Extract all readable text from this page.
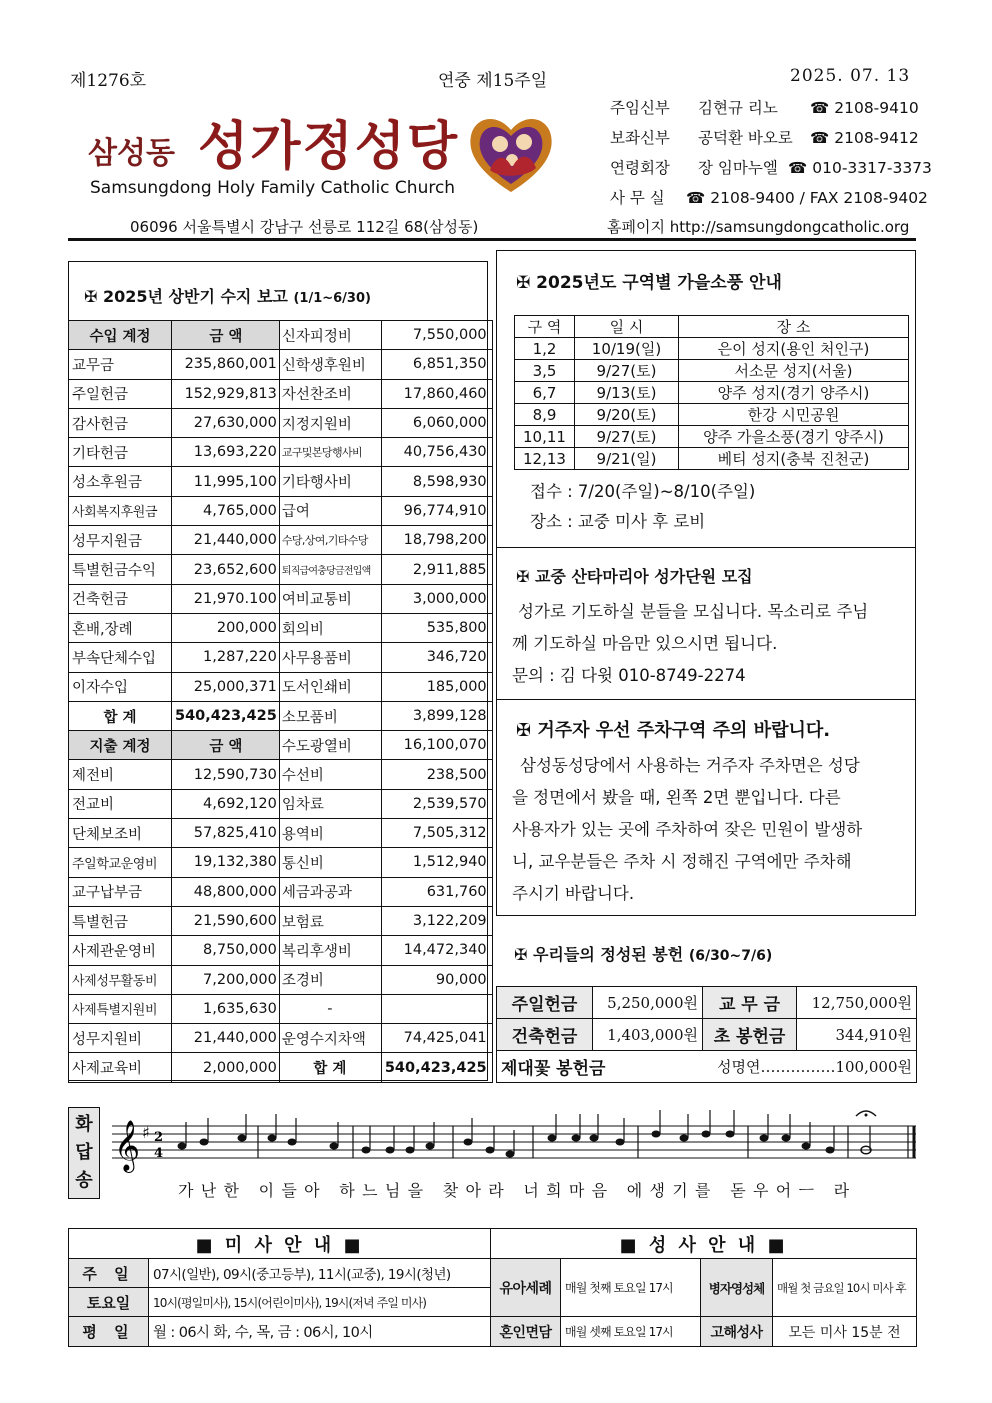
제1276호	연중 제15주일	2025. 07. 13
삼성동 성가정성당
Samsungdong Holy Family Catholic Church
주임신부 김현규 리노 ☎ 2108-9410
보좌신부 공덕환 바오로 ☎ 2108-9412
연령회장 장 임마누엘 ☎ 010-3317-3373
사 무 실 ☎ 2108-9400 / FAX 2108-9402
06096 서울특별시 강남구 선릉로 112길 68(삼성동)	홈페이지 http://samsungdongcatholic.org
✠ 2025년 상반기 수지 보고 (1/1~6/30)
수입 계정	금 액	신자피정비	7,550,000
교무금	235,860,001	신학생후원비	6,851,350
주일헌금	152,929,813	자선찬조비	17,860,460
감사헌금	27,630,000	지정지원비	6,060,000
기타헌금	13,693,220	교구및본당행사비	40,756,430
성소후원금	11,995,100	기타행사비	8,598,930
사회복지후원금	4,765,000	급여	96,774,910
성무지원금	21,440,000	수당,상여,기타수당	18,798,200
특별헌금수익	23,652,600	퇴직급여충당금전입액	2,911,885
건축헌금	21,970.100	여비교통비	3,000,000
혼배,장례	200,000	회의비	535,800
부속단체수입	1,287,220	사무용품비	346,720
이자수입	25,000,371	도서인쇄비	185,000
합 계	540,423,425	소모품비	3,899,128
지출 계정	금 액	수도광열비	16,100,070
제전비	12,590,730	수선비	238,500
전교비	4,692,120	임차료	2,539,570
단체보조비	57,825,410	용역비	7,505,312
주일학교운영비	19,132,380	통신비	1,512,940
교구납부금	48,800,000	세금과공과	631,760
특별헌금	21,590,600	보험료	3,122,209
사제관운영비	8,750,000	복리후생비	14,472,340
사제성무활동비	7,200,000	조경비	90,000
사제특별지원비	1,635,630	-	
성무지원비	21,440,000	운영수지차액	74,425,041
사제교육비	2,000,000	합 계	540,423,425
✠ 2025년도 구역별 가을소풍 안내
구 역	일 시	장 소
1,2	10/19(일)	은이 성지(용인 처인구)
3,5	9/27(토)	서소문 성지(서울)
6,7	9/13(토)	양주 성지(경기 양주시)
8,9	9/20(토)	한강 시민공원
10,11	9/27(토)	양주 가을소풍(경기 양주시)
12,13	9/21(일)	베티 성지(충북 진천군)
접수 : 7/20(주일)~8/10(주일)
장소 : 교중 미사 후 로비
✠ 교중 산타마리아 성가단원 모집
성가로 기도하실 분들을 모십니다. 목소리로 주님
께 기도하실 마음만 있으시면 됩니다.
문의 : 김 다윗 010-8749-2274
✠ 거주자 우선 주차구역 주의 바랍니다.
삼성동성당에서 사용하는 거주자 주차면은 성당
을 정면에서 봤을 때, 왼쪽 2면 뿐입니다. 다른
사용자가 있는 곳에 주차하여 잦은 민원이 발생하
니, 교우분들은 주차 시 정해진 구역에만 주차해
주시기 바랍니다.
✠ 우리들의 정성된 봉헌 (6/30~7/6)
주일헌금	5,250,000원	교 무 금	12,750,000원
건축헌금	1,403,000원	초 봉헌금	344,910원
제대꽃 봉헌금		성명연……………100,000원	
화답송
𝄞 ♯ 2
4
가난한 이들아 하느님을 찾아라 너희마음 에생기를 돋우어ㅡ 라
■ 미 사 안 내 ■		■ 성 사 안 내 ■			
주 일	07시(일반), 09시(중고등부), 11시(교중), 19시(청년)	유아세례	매월 첫째 토요일 17시	병자영성체	매월 첫 금요일 10시 미사 후
토요일	10시(평일미사), 15시(어린이미사), 19시(저녁 주일 미사)				
평 일	월 : 06시 화, 수, 목, 금 : 06시, 10시	혼인면담	매월 셋째 토요일 17시	고해성사	모든 미사 15분 전
